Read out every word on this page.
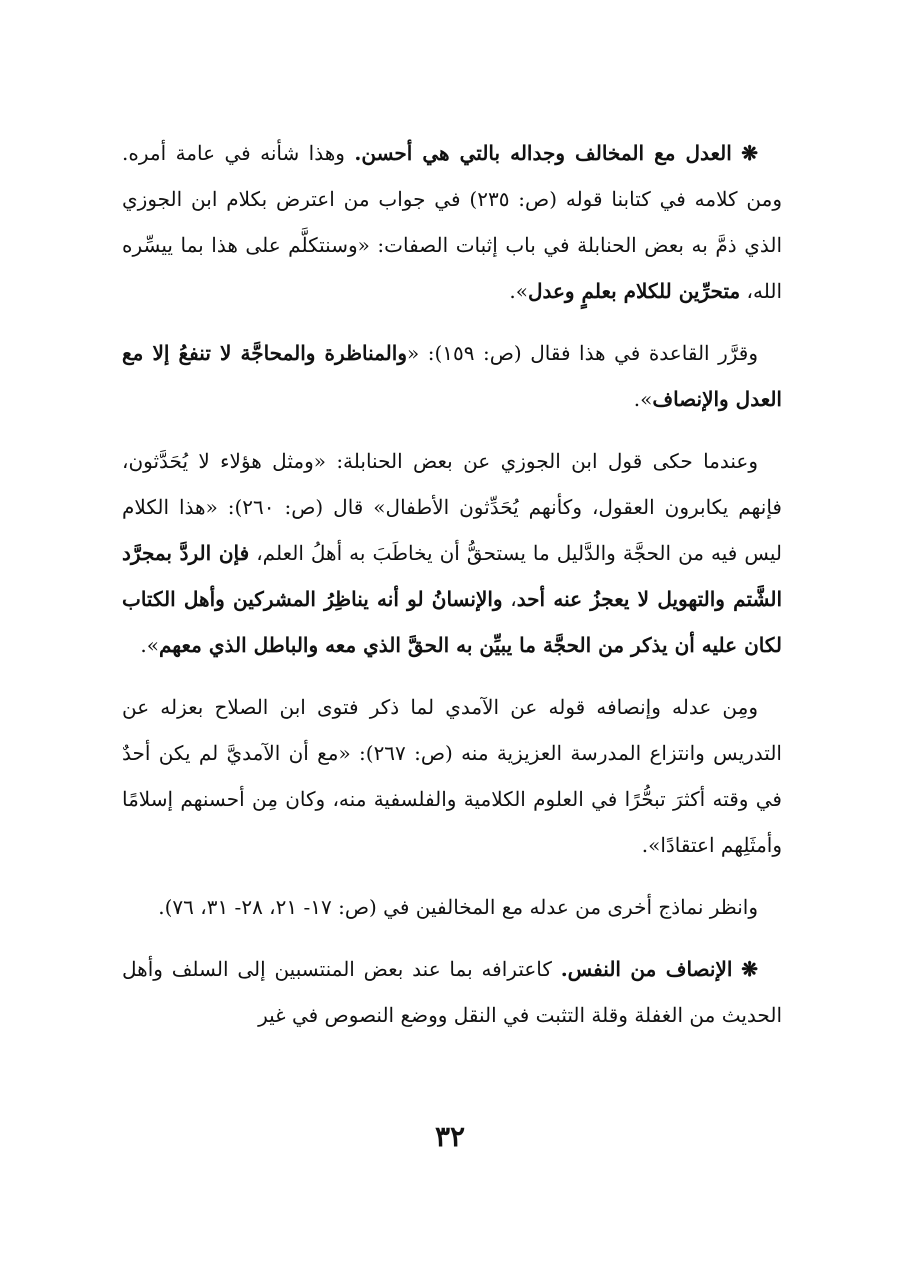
❋ العدل مع المخالف وجداله بالتي هي أحسن. وهذا شأنه في عامة أمره. ومن كلامه في كتابنا قوله (ص: ٢٣٥) في جواب من اعترض بكلام ابن الجوزي الذي ذمَّ به بعض الحنابلة في باب إثبات الصفات: «وسنتكلَّم على هذا بما ييسِّره الله، متحرِّين للكلام بعلمٍ وعدل».

وقرَّر القاعدة في هذا فقال (ص: ١٥٩): «والمناظرة والمحاجَّة لا تنفعُ إلا مع العدل والإنصاف».

وعندما حكى قول ابن الجوزي عن بعض الحنابلة: «ومثل هؤلاء لا يُحَدَّثون، فإنهم يكابرون العقول، وكأنهم يُحَدِّثون الأطفال» قال (ص: ٢٦٠): «هذا الكلام ليس فيه من الحجَّة والدَّليل ما يستحقُّ أن يخاطَبَ به أهلُ العلم، فإن الردَّ بمجرَّد الشَّتم والتهويل لا يعجزُ عنه أحد، والإنسانُ لو أنه يناظِرُ المشركين وأهل الكتاب لكان عليه أن يذكر من الحجَّة ما يبيِّن به الحقَّ الذي معه والباطل الذي معهم».

ومِن عدله وإنصافه قوله عن الآمدي لما ذكر فتوى ابن الصلاح بعزله عن التدريس وانتزاع المدرسة العزيزية منه (ص: ٢٦٧): «مع أن الآمديَّ لم يكن أحدٌ في وقته أكثرَ تبحُّرًا في العلوم الكلامية والفلسفية منه، وكان مِن أحسنهم إسلامًا وأمثَلِهم اعتقادًا».

وانظر نماذج أخرى من عدله مع المخالفين في (ص: ١٧- ٢١، ٢٨- ٣١، ٧٦).

❋ الإنصاف من النفس. كاعترافه بما عند بعض المنتسبين إلى السلف وأهل الحديث من الغفلة وقلة التثبت في النقل ووضع النصوص في غير

٣٢
